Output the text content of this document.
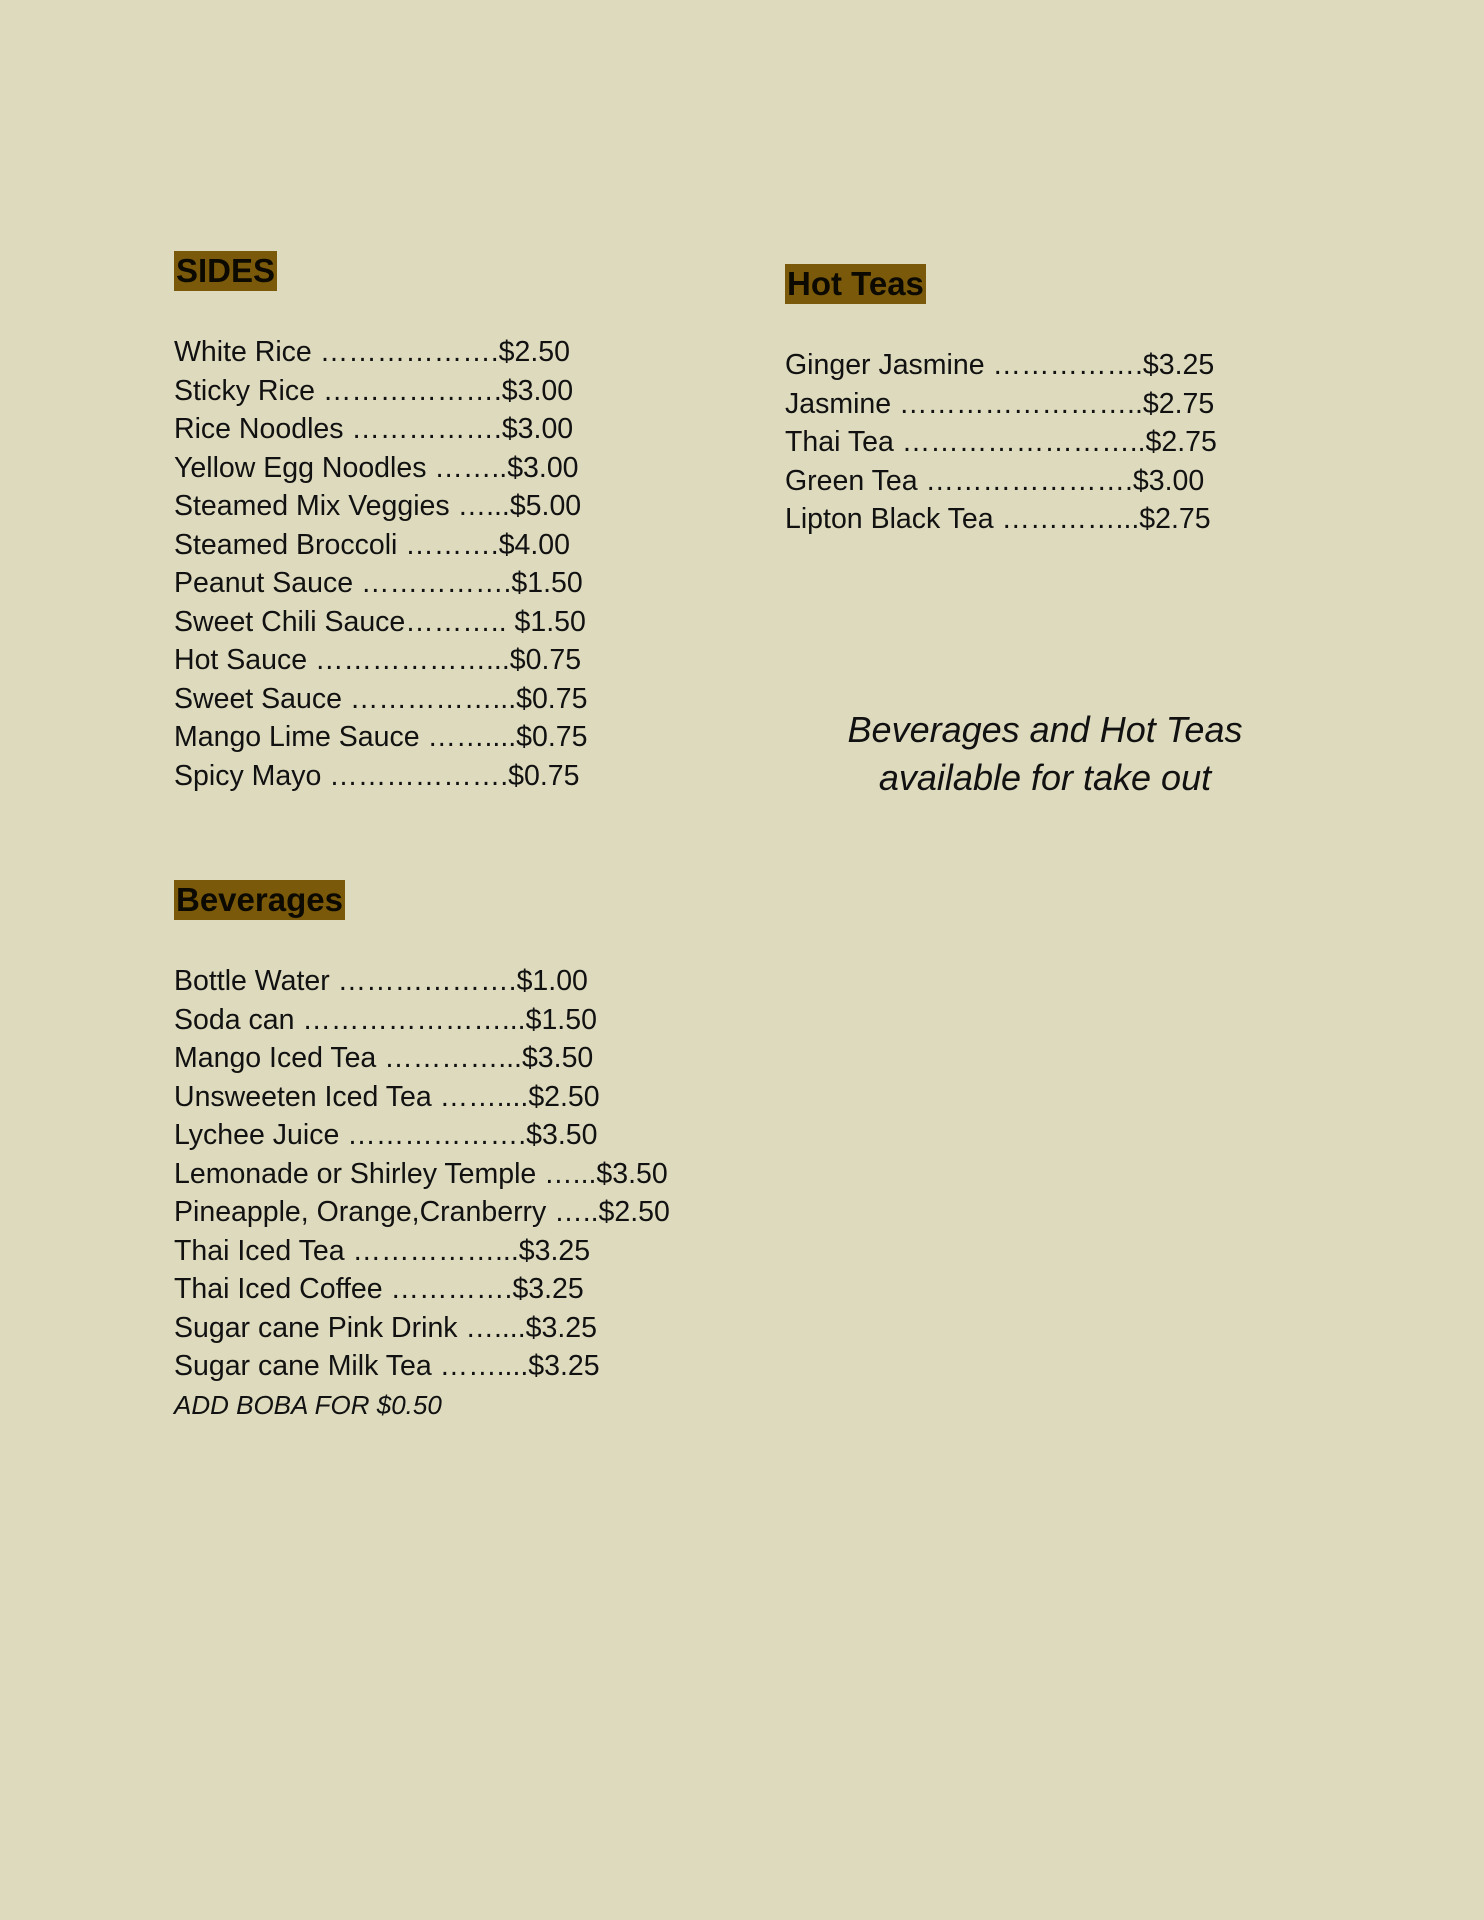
SIDES
White Rice ……………….$2.50
Sticky Rice ……………….$3.00
Rice Noodles …………….$3.00
Yellow Egg Noodles ……..$3.00
Steamed Mix Veggies …...$5.00
Steamed Broccoli ……….$4.00
Peanut Sauce …………….$1.50
Sweet Chili Sauce……….. $1.50
Hot Sauce ………………...$0.75
Sweet Sauce ……………...$0.75
Mango Lime Sauce ……....$0.75
Spicy Mayo ……………….$0.75
Hot Teas
Ginger Jasmine …………….$3.25
Jasmine ……………………..$2.75
Thai Tea ……………………..$2.75
Green Tea ………………….$3.00
Lipton Black Tea …………...$2.75
Beverages and Hot Teas
available for take out
Beverages
Bottle Water ……………….$1.00
Soda can …………………...$1.50
Mango Iced Tea …………...$3.50
Unsweeten Iced Tea ……....$2.50
Lychee Juice ……………….$3.50
Lemonade or Shirley Temple …...$3.50
Pineapple, Orange,Cranberry …..$2.50
Thai Iced Tea ……………...$3.25
Thai Iced Coffee ………….$3.25
Sugar cane Pink Drink …....$3.25
Sugar cane Milk Tea ……....$3.25
ADD BOBA FOR $0.50
